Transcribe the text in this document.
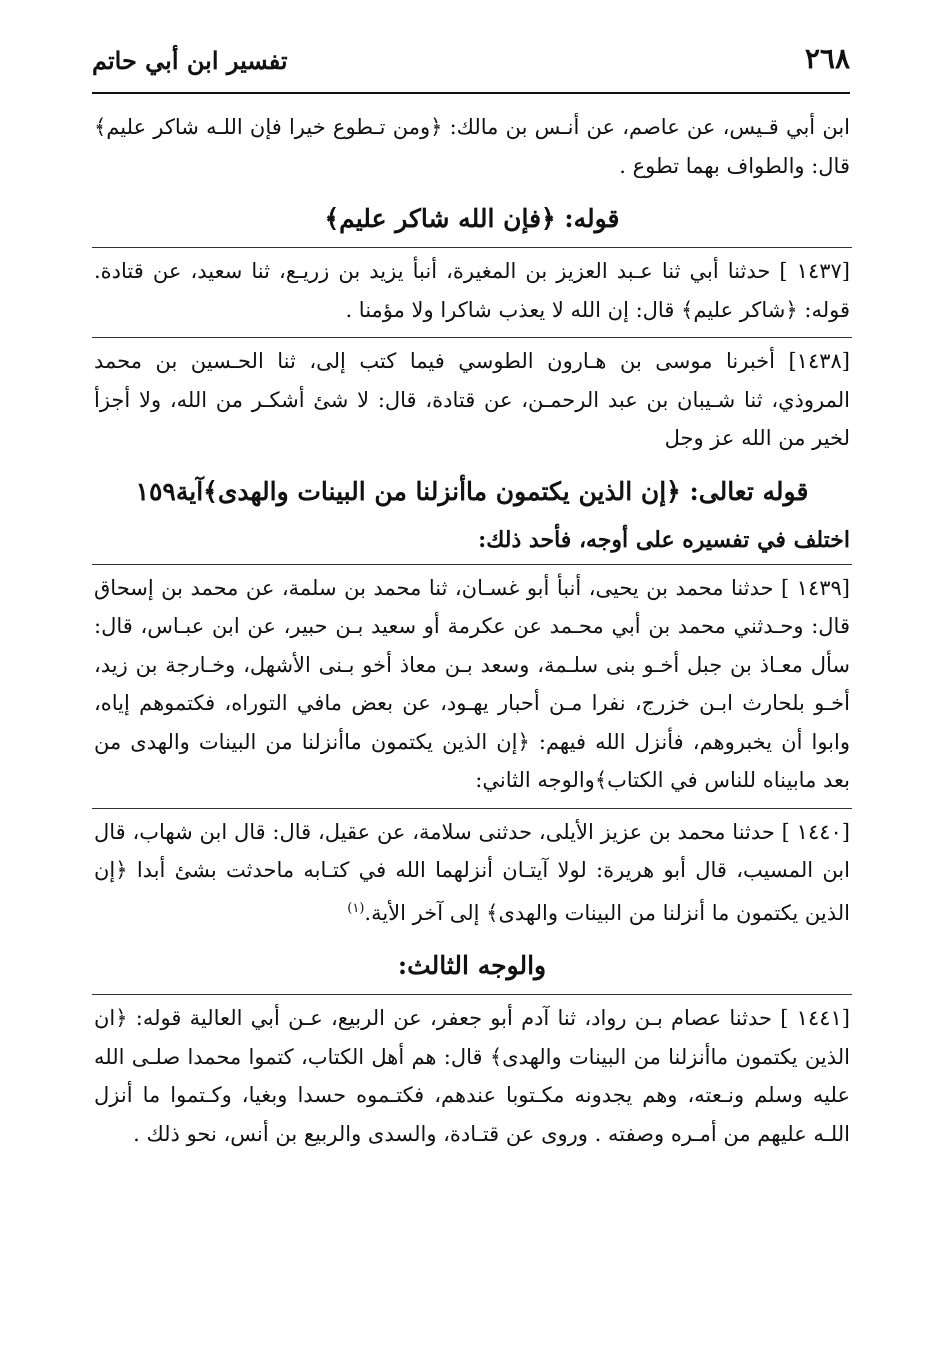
تفسير ابن أبي حاتم	٢٦٨

ابن أبي قـيس، عن عاصم، عن أنـس بن مالك: ﴿ومن تـطوع خيرا فإن اللـه شاكر عليم﴾ قال: والطواف بهما تطوع .

قوله: ﴿فإن الله شاكر عليم﴾

[١٤٣٧ ] حدثنا أبي ثنا عـبد العزيز بن المغيرة، أنبأ يزيد بن زريـع، ثنا سعيد، عن قتادة. قوله: ﴿شاكر عليم﴾ قال: إن الله لا يعذب شاكرا ولا مؤمنا .

[١٤٣٨] أخبرنا موسى بن هـارون الطوسي فيما كتب إلى، ثنا الحـسين بن محمد المروذي، ثنا شـيبان بن عبد الرحمـن، عن قتادة، قال: لا شئ أشكـر من الله، ولا أجزأ لخير من الله عز وجل

قوله تعالى: ﴿إن الذين يكتمون ماأنزلنا من البينات والهدى﴾آية١٥٩
اختلف في تفسيره على أوجه، فأحد ذلك:

[١٤٣٩ ] حدثنا محمد بن يحيى، أنبأ أبو غسـان، ثنا محمد بن سلمة، عن محمد بن إسحاق قال: وحـدثني محمد بن أبي محـمد عن عكرمة أو سعيد بـن حبير، عن ابن عبـاس، قال: سأل معـاذ بن جبل أخـو بنى سلـمة، وسعد بـن معاذ أخو بـنى الأشهل، وخـارجة بن زيد، أخـو بلحارث ابـن خزرج، نفرا مـن أحبار يهـود، عن بعض مافي التوراه، فكتموهم إياه، وابوا أن يخبروهم، فأنزل الله فيهم: ﴿إن الذين يكتمون ماأنزلنا من البينات والهدى من بعد مابيناه للناس في الكتاب﴾والوجه الثاني:

[١٤٤٠ ] حدثنا محمد بن عزيز الأيلى، حدثنى سلامة، عن عقيل، قال: قال ابن شهاب، قال ابن المسيب، قال أبو هريرة: لولا آيتـان أنزلهما الله في كتـابه ماحدثت بشئ أبدا ﴿إن الذين يكتمون ما أنزلنا من البينات والهدى﴾ إلى آخر الأية.$^{(١)}$

والوجه الثالث:

[١٤٤١ ] حدثنا عصام بـن رواد، ثنا آدم أبو جعفر، عن الربيع، عـن أبي العالية قوله: ﴿ان الذين يكتمون ماأنزلنا من البينات والهدى﴾ قال: هم أهل الكتاب، كتموا محمدا صلـى الله عليه وسلم ونـعته، وهم يجدونه مكـتوبا عندهم، فكتـموه حسدا وبغيا، وكـتموا ما أنزل اللـه عليهم من أمـره وصفته . وروى عن قتـادة، والسدى والربيع بن أنس، نحو ذلك .
